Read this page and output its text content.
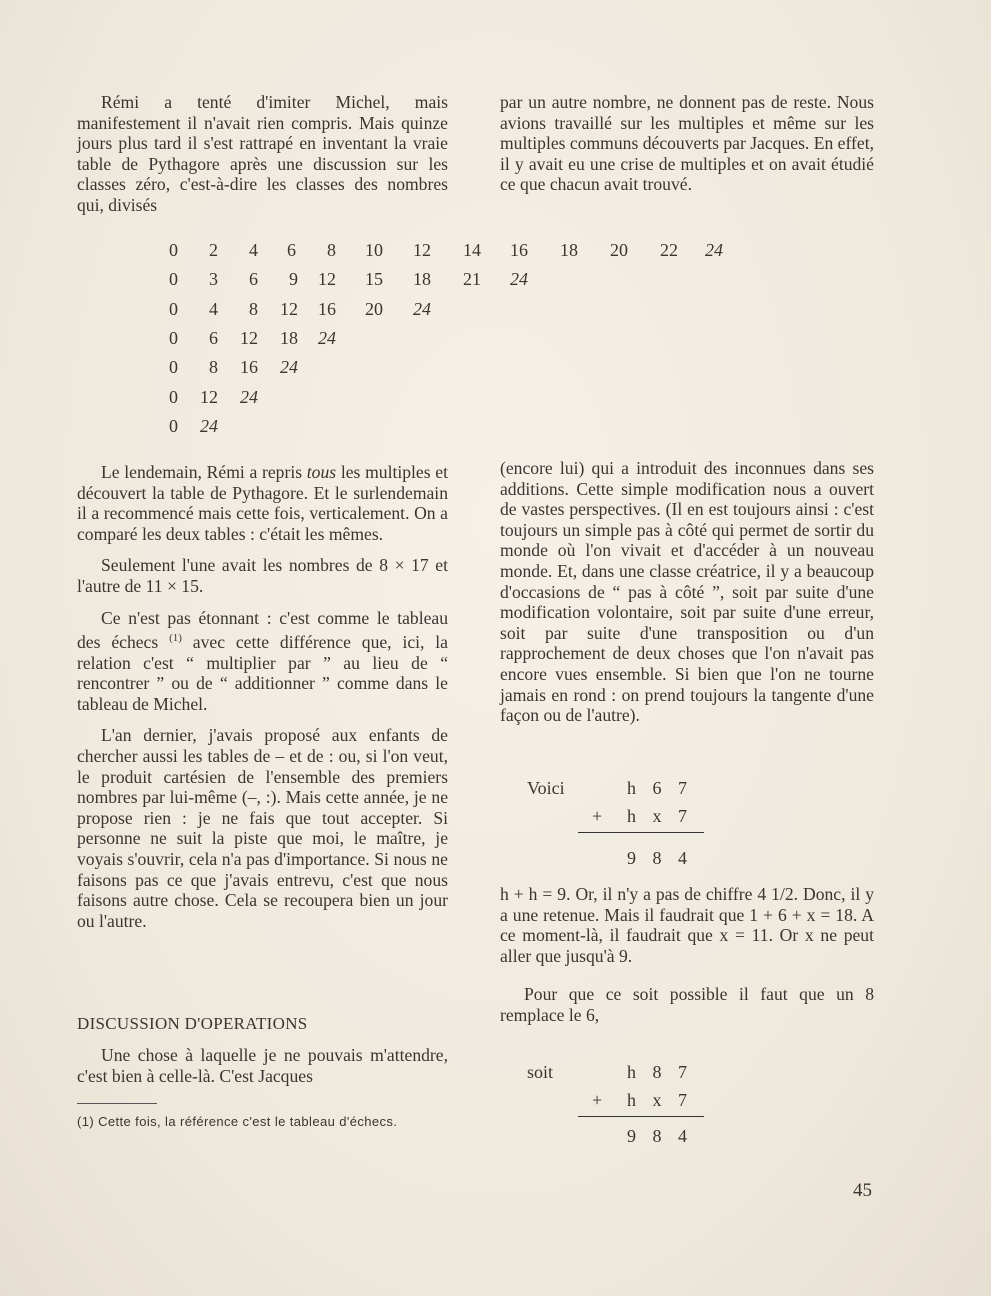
Rémi a tenté d'imiter Michel, mais manifestement il n'avait rien compris. Mais quinze jours plus tard il s'est rattrapé en inventant la vraie table de Pythagore après une discussion sur les classes zéro, c'est-à-dire les classes des nombres qui, divisés

par un autre nombre, ne donnent pas de reste. Nous avions travaillé sur les multiples et même sur les multiples communs découverts par Jacques. En effet, il y avait eu une crise de multiples et on avait étudié ce que chacun avait trouvé.

0	2	4	6	8	10	12	14	16	18	20	22	24
0	3	6	9	12	15	18	21	24
0	4	8	12	16	20	24
0	6	12	18	24
0	8	16	24
0	12	24
0	24

Le lendemain, Rémi a repris tous les multiples et découvert la table de Pythagore. Et le surlendemain il a recommencé mais cette fois, verticalement. On a comparé les deux tables : c'était les mêmes.

Seulement l'une avait les nombres de 8 × 17 et l'autre de 11 × 15.

Ce n'est pas étonnant : c'est comme le tableau des échecs $^{(1)}$ avec cette différence que, ici, la relation c'est “ multiplier par ” au lieu de “ rencontrer ” ou de “ additionner ” comme dans le tableau de Michel.

L'an dernier, j'avais proposé aux enfants de chercher aussi les tables de – et de : ou, si l'on veut, le produit cartésien de l'ensemble des premiers nombres par lui-même (–, :). Mais cette année, je ne propose rien : je ne fais que tout accepter. Si personne ne suit la piste que moi, le maître, je voyais s'ouvrir, cela n'a pas d'importance. Si nous ne faisons pas ce que j'avais entrevu, c'est que nous faisons autre chose. Cela se recoupera bien un jour ou l'autre.

DISCUSSION D'OPERATIONS

Une chose à laquelle je ne pouvais m'attendre, c'est bien à celle-là. C'est Jacques

(1) Cette fois, la référence c'est le tableau d'échecs.

(encore lui) qui a introduit des inconnues dans ses additions. Cette simple modification nous a ouvert de vastes perspectives. (Il en est toujours ainsi : c'est toujours un simple pas à côté qui permet de sortir du monde où l'on vivait et d'accéder à un nouveau monde. Et, dans une classe créatrice, il y a beaucoup d'occasions de “ pas à côté ”, soit par suite d'une modification volontaire, soit par suite d'une erreur, soit par suite d'une transposition ou d'un rapprochement de deux choses que l'on n'avait pas encore vues ensemble. Si bien que l'on ne tourne jamais en rond : on prend toujours la tangente d'une façon ou de l'autre).

Voici	h 6 7
+ h x 7
9 8 4

h + h = 9. Or, il n'y a pas de chiffre 4 1/2. Donc, il y a une retenue. Mais il faudrait que 1 + 6 + x = 18. A ce moment-là, il faudrait que x = 11. Or x ne peut aller que jusqu'à 9.

Pour que ce soit possible il faut que un 8 remplace le 6,

soit	h 8 7
+ h x 7
9 8 4
45
